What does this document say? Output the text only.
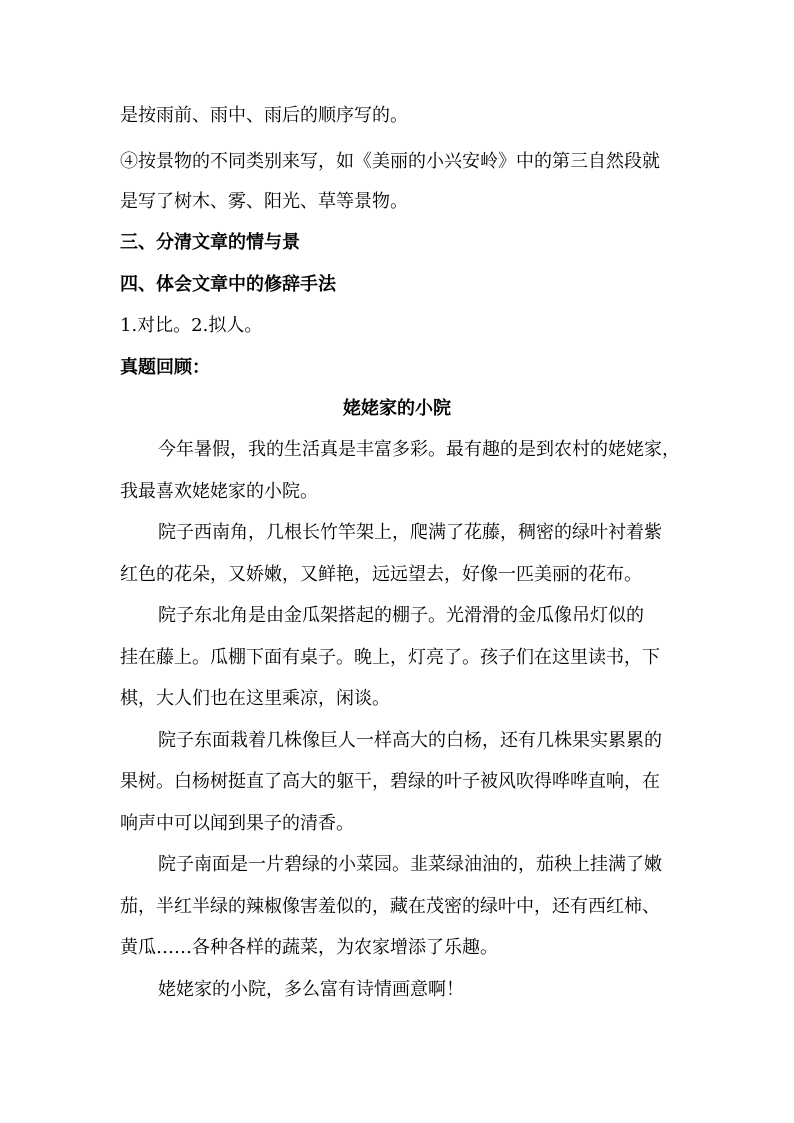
是按雨前、雨中、雨后的顺序写的。
④按景物的不同类别来写，如《美丽的小兴安岭》中的第三自然段就
是写了树木、雾、阳光、草等景物。
三、分清文章的情与景
四、体会文章中的修辞手法
1.对比。2.拟人。
真题回顾：
姥姥家的小院
今年暑假，我的生活真是丰富多彩。最有趣的是到农村的姥姥家，
我最喜欢姥姥家的小院。
院子西南角，几根长竹竿架上，爬满了花藤，稠密的绿叶衬着紫
红色的花朵，又娇嫩，又鲜艳，远远望去，好像一匹美丽的花布。
院子东北角是由金瓜架搭起的棚子。光滑滑的金瓜像吊灯似的
挂在藤上。瓜棚下面有桌子。晚上，灯亮了。孩子们在这里读书，下
棋，大人们也在这里乘凉，闲谈。
院子东面栽着几株像巨人一样高大的白杨，还有几株果实累累的
果树。白杨树挺直了高大的躯干，碧绿的叶子被风吹得哗哗直响，在
响声中可以闻到果子的清香。
院子南面是一片碧绿的小菜园。韭菜绿油油的，茄秧上挂满了嫩
茄，半红半绿的辣椒像害羞似的，藏在茂密的绿叶中，还有西红柿、
黄瓜……各种各样的蔬菜，为农家增添了乐趣。
姥姥家的小院，多么富有诗情画意啊！
